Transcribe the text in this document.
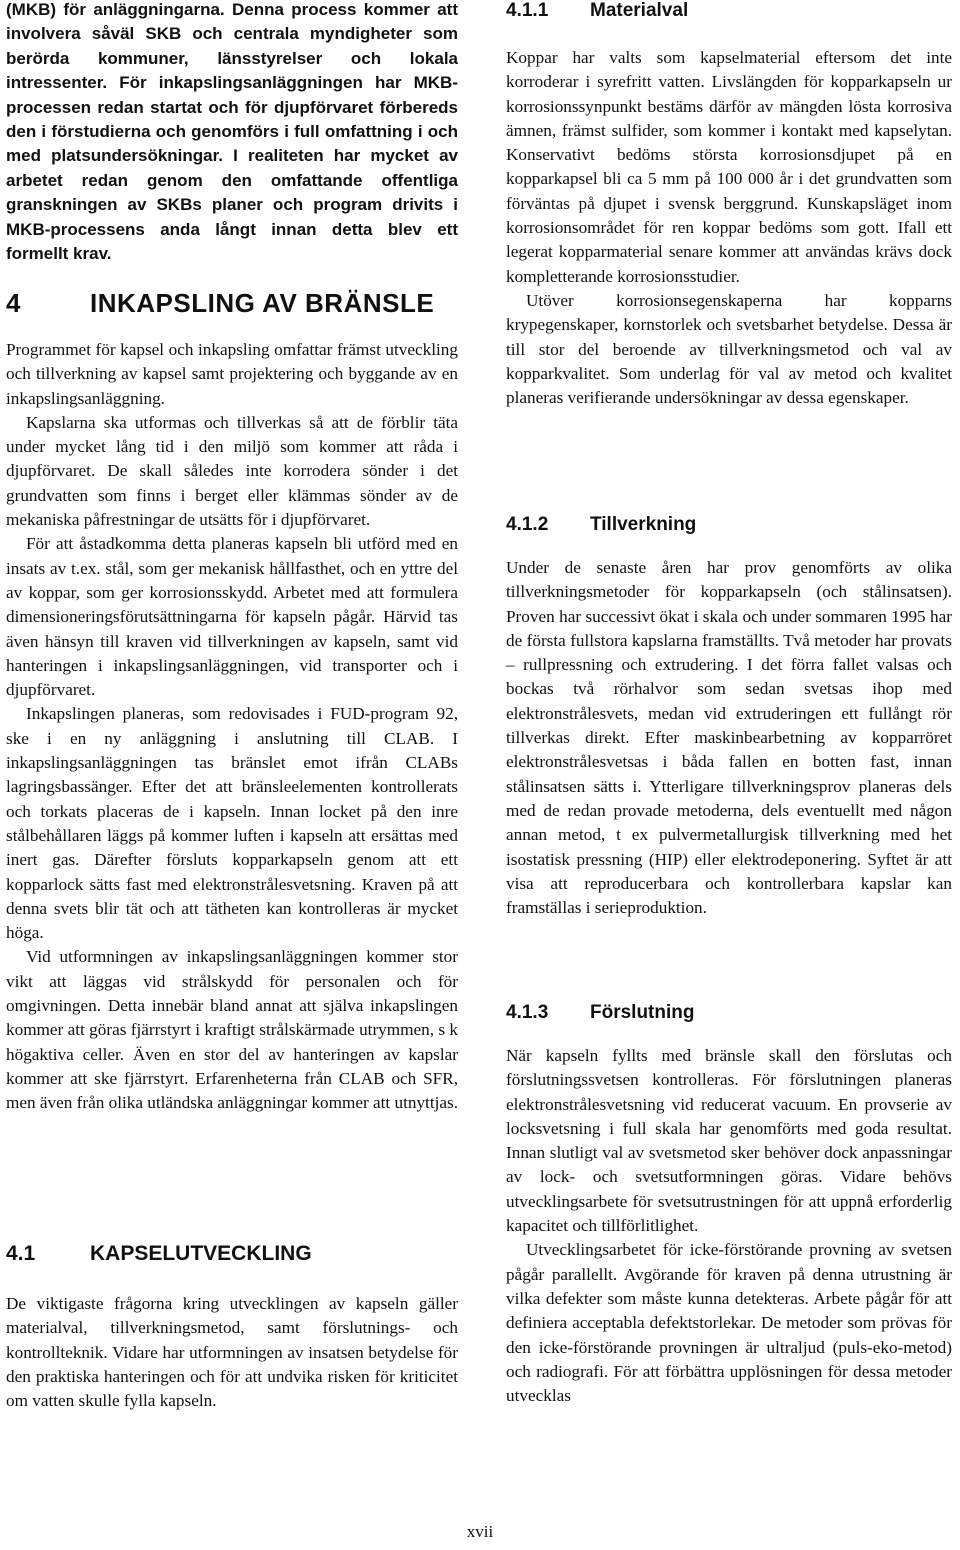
(MKB) för anläggningarna. Denna process kommer att involvera såväl SKB och centrala myndigheter som berörda kommuner, länsstyrelser och lokala intressenter. För inkapslingsanläggningen har MKB-processen redan startat och för djupförvaret förbereds den i förstudierna och genomförs i full omfattning i och med platsundersökningar. I realiteten har mycket av arbetet redan genom den omfattande offentliga granskningen av SKBs planer och program drivits i MKB-processens anda långt innan detta blev ett formellt krav.

4	INKAPSLING AV BRÄNSLE

Programmet för kapsel och inkapsling omfattar främst utveckling och tillverkning av kapsel samt projektering och byggande av en inkapslingsanläggning.

Kapslarna ska utformas och tillverkas så att de förblir täta under mycket lång tid i den miljö som kommer att råda i djupförvaret. De skall således inte korrodera sönder i det grundvatten som finns i berget eller klämmas sönder av de mekaniska påfrestningar de utsätts för i djupförvaret.

För att åstadkomma detta planeras kapseln bli utförd med en insats av t.ex. stål, som ger mekanisk hållfasthet, och en yttre del av koppar, som ger korrosionsskydd. Arbetet med att formulera dimensioneringsförutsättningarna för kapseln pågår. Härvid tas även hänsyn till kraven vid tillverkningen av kapseln, samt vid hanteringen i inkapslingsanläggningen, vid transporter och i djupförvaret.

Inkapslingen planeras, som redovisades i FUD-program 92, ske i en ny anläggning i anslutning till CLAB. I inkapslingsanläggningen tas bränslet emot ifrån CLABs lagringsbassänger. Efter det att bränsleelementen kontrollerats och torkats placeras de i kapseln. Innan locket på den inre stålbehållaren läggs på kommer luften i kapseln att ersättas med inert gas. Därefter försluts kopparkapseln genom att ett kopparlock sätts fast med elektronstrålesvetsning. Kraven på att denna svets blir tät och att tätheten kan kontrolleras är mycket höga.

Vid utformningen av inkapslingsanläggningen kommer stor vikt att läggas vid strålskydd för personalen och för omgivningen. Detta innebär bland annat att själva inkapslingen kommer att göras fjärrstyrt i kraftigt strålskärmade utrymmen, s k högaktiva celler. Även en stor del av hanteringen av kapslar kommer att ske fjärrstyrt. Erfarenheterna från CLAB och SFR, men även från olika utländska anläggningar kommer att utnyttjas.

4.1	KAPSELUTVECKLING

De viktigaste frågorna kring utvecklingen av kapseln gäller materialval, tillverkningsmetod, samt förslutnings- och kontrollteknik. Vidare har utformningen av insatsen betydelse för den praktiska hanteringen och för att undvika risken för kriticitet om vatten skulle fylla kapseln.

4.1.1 Materialval

Koppar har valts som kapselmaterial eftersom det inte korroderar i syrefritt vatten. Livslängden för kopparkapseln ur korrosionssynpunkt bestäms därför av mängden lösta korrosiva ämnen, främst sulfider, som kommer i kontakt med kapselytan. Konservativt bedöms största korrosionsdjupet på en kopparkapsel bli ca 5 mm på 100 000 år i det grundvatten som förväntas på djupet i svensk berggrund. Kunskapsläget inom korrosionsområdet för ren koppar bedöms som gott. Ifall ett legerat kopparmaterial senare kommer att användas krävs dock kompletterande korrosionsstudier.

Utöver korrosionsegenskaperna har kopparns krypegenskaper, kornstorlek och svetsbarhet betydelse. Dessa är till stor del beroende av tillverkningsmetod och val av kopparkvalitet. Som underlag för val av metod och kvalitet planeras verifierande undersökningar av dessa egenskaper.

4.1.2 Tillverkning

Under de senaste åren har prov genomförts av olika tillverkningsmetoder för kopparkapseln (och stålinsatsen). Proven har successivt ökat i skala och under sommaren 1995 har de första fullstora kapslarna framställts. Två metoder har provats – rullpressning och extrudering. I det förra fallet valsas och bockas två rörhalvor som sedan svetsas ihop med elektronstrålesvets, medan vid extruderingen ett fullångt rör tillverkas direkt. Efter maskinbearbetning av kopparröret elektronstrålesvetsas i båda fallen en botten fast, innan stålinsatsen sätts i. Ytterligare tillverkningsprov planeras dels med de redan provade metoderna, dels eventuellt med någon annan metod, t ex pulvermetallurgisk tillverkning med het isostatisk pressning (HIP) eller elektrodeponering. Syftet är att visa att reproducerbara och kontrollerbara kapslar kan framställas i serieproduktion.

4.1.3 Förslutning

När kapseln fyllts med bränsle skall den förslutas och förslutningssvetsen kontrolleras. För förslutningen planeras elektronstrålesvetsning vid reducerat vacuum. En provserie av locksvetsning i full skala har genomförts med goda resultat. Innan slutligt val av svetsmetod sker behöver dock anpassningar av lock- och svetsutformningen göras. Vidare behövs utvecklingsarbete för svetsutrustningen för att uppnå erforderlig kapacitet och tillförlitlighet.

Utvecklingsarbetet för icke-förstörande provning av svetsen pågår parallellt. Avgörande för kraven på denna utrustning är vilka defekter som måste kunna detekteras. Arbete pågår för att definiera acceptabla defektstorlekar. De metoder som prövas för den icke-förstörande provningen är ultraljud (puls-eko-metod) och radiografi. För att förbättra upplösningen för dessa metoder utvecklas

xvii
